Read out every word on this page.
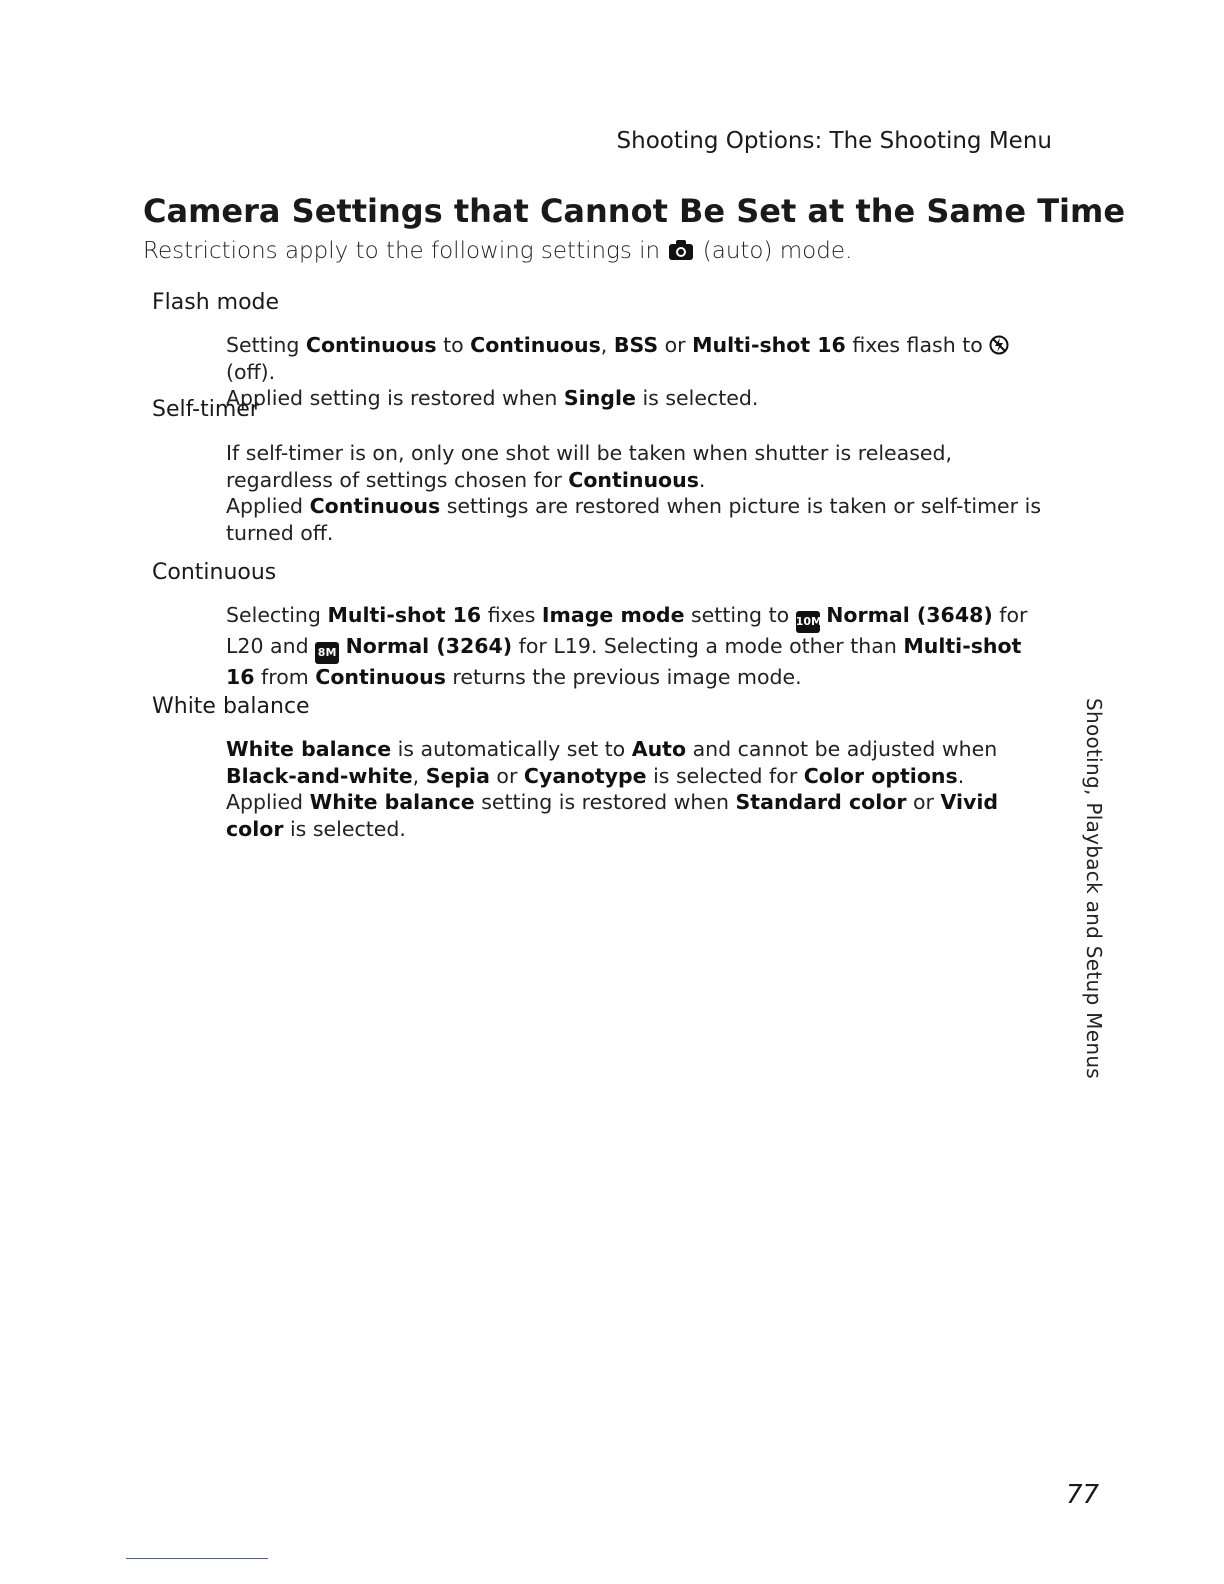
Shooting Options: The Shooting Menu
Camera Settings that Cannot Be Set at the Same Time
Restrictions apply to the following settings in (auto) mode.
Flash mode
Setting Continuous to Continuous, BSS or Multi-shot 16 fixes flash to  (off).
Applied setting is restored when Single is selected.
Self-timer
If self-timer is on, only one shot will be taken when shutter is released, regardless of settings chosen for Continuous.
Applied Continuous settings are restored when picture is taken or self-timer is turned off.
Continuous
Selecting Multi-shot 16 fixes Image mode setting to 10M Normal (3648) for L20 and 8M Normal (3264) for L19. Selecting a mode other than Multi-shot 16 from Continuous returns the previous image mode.
White balance
White balance is automatically set to Auto and cannot be adjusted when Black-and-white, Sepia or Cyanotype is selected for Color options.
Applied White balance setting is restored when Standard color or Vivid color is selected.	Shooting, Playback and Setup Menus
77
